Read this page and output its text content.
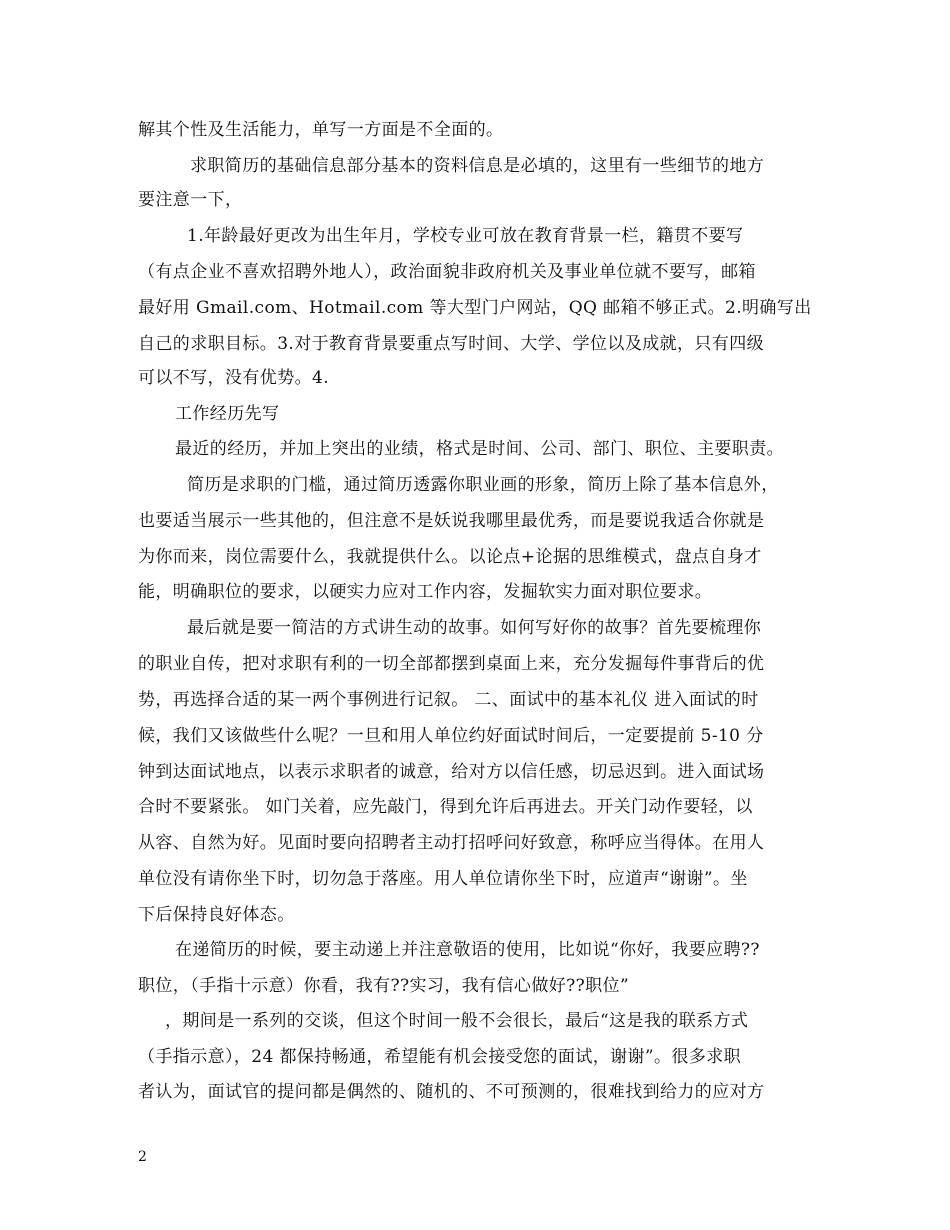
解其个性及生活能力，单写一方面是不全面的。
求职简历的基础信息部分基本的资料信息是必填的，这里有一些细节的地方
要注意一下，
1.年龄最好更改为出生年月，学校专业可放在教育背景一栏，籍贯不要写
（有点企业不喜欢招聘外地人），政治面貌非政府机关及事业单位就不要写，邮箱
最好用 Gmail.com、Hotmail.com 等大型门户网站，QQ 邮箱不够正式。2.明确写出
自己的求职目标。3.对于教育背景要重点写时间、大学、学位以及成就，只有四级
可以不写，没有优势。4.
工作经历先写
最近的经历，并加上突出的业绩，格式是时间、公司、部门、职位、主要职责。
简历是求职的门槛，通过简历透露你职业画的形象，简历上除了基本信息外，
也要适当展示一些其他的，但注意不是妖说我哪里最优秀，而是要说我适合你就是
为你而来，岗位需要什么，我就提供什么。以论点+论据的思维模式，盘点自身才
能，明确职位的要求，以硬实力应对工作内容，发掘软实力面对职位要求。
最后就是要一简洁的方式讲生动的故事。如何写好你的故事？首先要梳理你
的职业自传，把对求职有利的一切全部都摆到桌面上来，充分发掘每件事背后的优
势，再选择合适的某一两个事例进行记叙。 二、面试中的基本礼仪 进入面试的时
候，我们又该做些什么呢？一旦和用人单位约好面试时间后，一定要提前 5-10 分
钟到达面试地点，以表示求职者的诚意，给对方以信任感，切忌迟到。进入面试场
合时不要紧张。 如门关着，应先敲门，得到允许后再进去。开关门动作要轻，以
从容、自然为好。见面时要向招聘者主动打招呼问好致意，称呼应当得体。在用人
单位没有请你坐下时，切勿急于落座。用人单位请你坐下时，应道声“谢谢”。坐
下后保持良好体态。
在递简历的时候，要主动递上并注意敬语的使用，比如说“你好，我要应聘??
职位，（手指十示意）你看，我有??实习，我有信心做好??职位”
，期间是一系列的交谈，但这个时间一般不会很长，最后“这是我的联系方式
（手指示意），24 都保持畅通，希望能有机会接受您的面试，谢谢”。很多求职
者认为，面试官的提问都是偶然的、随机的、不可预测的，很难找到给力的应对方
2
